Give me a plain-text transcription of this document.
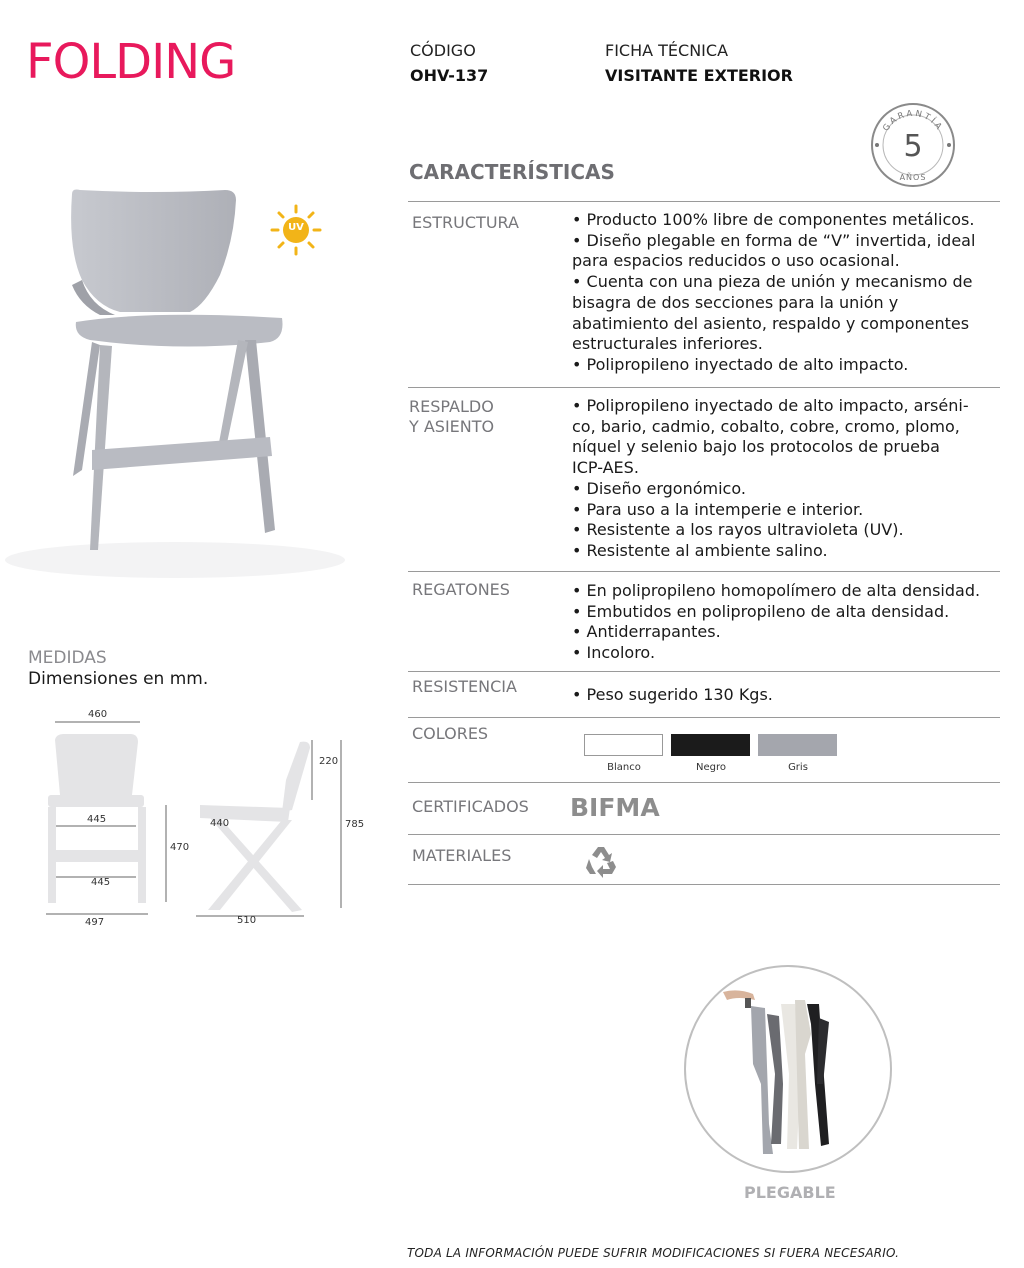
FOLDING	CÓDIGO
OHV-137
FICHA TÉCNICA
VISITANTE EXTERIOR
GARANTÍA
5
AÑOS
CARACTERÍSTICAS
ESTRUCTURA	• Producto 100% libre de componentes metálicos.

• Diseño plegable en forma de “V” invertida, ideal

para espacios reducidos o uso ocasional.

• Cuenta con una pieza de unión y mecanismo de

bisagra de dos secciones para la unión y

abatimiento del asiento, respaldo y componentes

estructurales inferiores.

• Polipropileno inyectado de alto impacto.

RESPALDO
Y ASIENTO

• Polipropileno inyectado de alto impacto, arséni-

co, bario, cadmio, cobalto, cobre, cromo, plomo,

níquel y selenio bajo los protocolos de prueba

ICP-AES.

• Diseño ergonómico.

• Para uso a la intemperie e interior.

• Resistente a los rayos ultravioleta (UV).

• Resistente al ambiente salino.

REGATONES	• En polipropileno homopolímero de alta densidad.

• Embutidos en polipropileno de alta densidad.

• Antiderrapantes.

• Incoloro.

RESISTENCIA	• Peso sugerido 130 Kgs.

COLORES
Blanco	Negro	Gris
CERTIFICADOS BIFMA
MATERIALES
UV
MEDIDAS
Dimensiones en mm.
460
445
445
497
470
440
510
220
785
PLEGABLE
TODA LA INFORMACIÓN PUEDE SUFRIR MODIFICACIONES SI FUERA NECESARIO.
